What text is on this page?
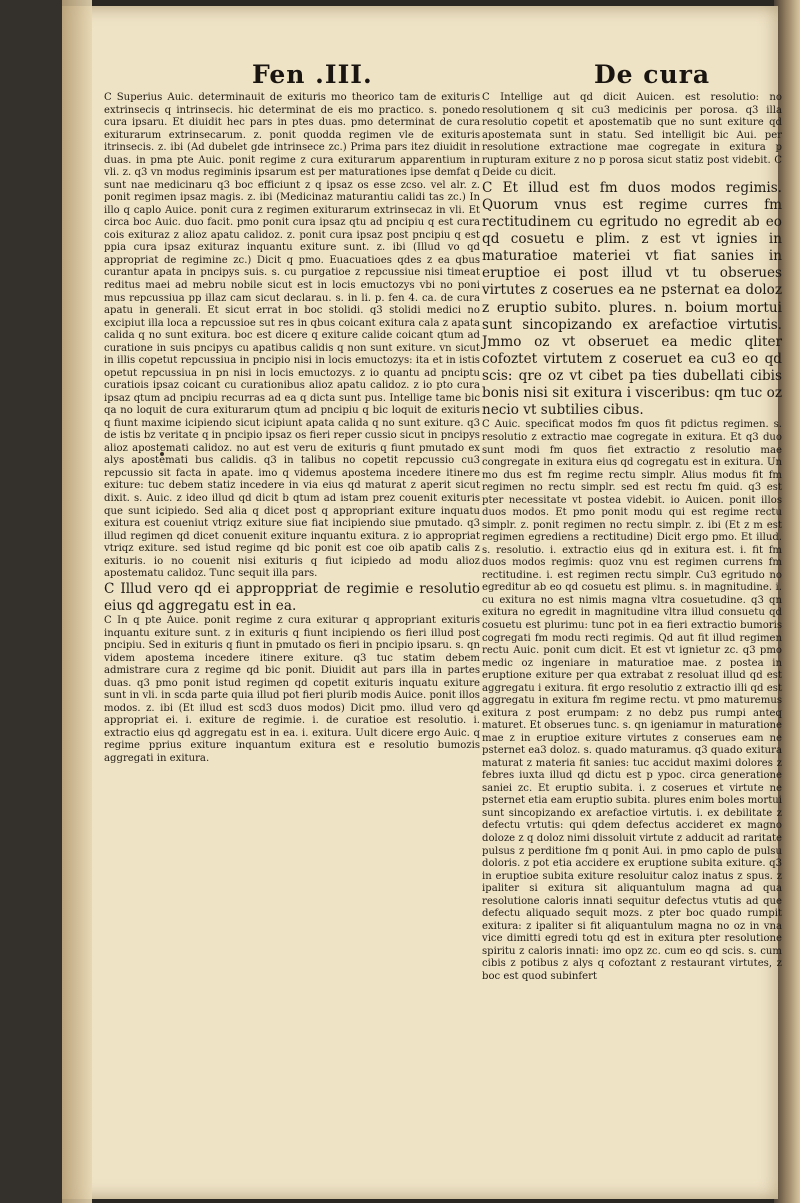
Fen .III.	De cura

C Superius Auic. determinauit de exituris mo theorico tam de exituris extrinsecis q intrinsecis. hic determinat de eis mo practico. s. ponedo cura ipsaru. Et diuidit hec pars in ptes duas. pmo determinat de cura exiturarum extrinsecarum. z. ponit quodda regimen vle de exituris itrinsecis. z. ibi (Ad dubelet gde intrinsece zc.) Prima pars itez diuidit in duas. in pma pte Auic. ponit regime z cura exiturarum apparentium in vli. z. q3 vn modus regiminis ipsarum est per maturationes ipse demfat q sunt nae medicinaru q3 boc efficiunt z q ipsaz os esse zcso. vel alr. z. ponit regimen ipsaz magis. z. ibi (Medicinaz maturantiu calidi tas zc.) In illo q caplo Auice. ponit cura z regimen exiturarum extrinsecaz in vli. Et circa boc Auic. duo facit. pmo ponit cura ipsaz qtu ad pncipiu q est cura cois exituraz z alioz apatu calidoz. z. ponit cura ipsaz post pncipiu q est ppia cura ipsaz exituraz inquantu exiture sunt. z. ibi (Illud vo qd appropriat de regimine zc.) Dicit q pmo. Euacuatioes qdes z ea qbus curantur apata in pncipys suis. s. cu purgatioe z repcussiue nisi timeat reditus maei ad mebru nobile sicut est in locis emuctozys vbi no poni mus repcussiua pp illaz cam sicut declarau. s. in li. p. fen 4. ca. de cura apatu in generali. Et sicut errat in boc stolidi. q3 stolidi medici no excipiut illa loca a repcussioe sut res in qbus coicant exitura cala z apata calida q no sunt exitura. boc est dicere q exiture calide coicant qtum ad curatione in suis pncipys cu apatibus calidis q non sunt exiture. vn sicut in illis copetut repcussiua in pncipio nisi in locis emuctozys: ita et in istis opetut repcussiua in pn nisi in locis emuctozys. z io quantu ad pnciptu curatiois ipsaz coicant cu curationibus alioz apatu calidoz. z io pto cura ipsaz qtum ad pncipiu recurras ad ea q dicta sunt pus. Intellige tame bic qa no loquit de cura exiturarum qtum ad pncipiu q bic loquit de exituris q fiunt maxime icipiendo sicut icipiunt apata calida q no sunt exiture. q3 de istis bz veritate q in pncipio ipsaz os fieri reper cussio sicut in pncipys alioz apostemati calidoz. no aut est veru de exituris q fiunt pmutado ex alys apostemati bus calidis. q3 in talibus no copetit repcussio cu3 repcussio sit facta in apate. imo q videmus apostema incedere itinere exiture: tuc debem statiz incedere in via eius qd maturat z aperit sicut dixit. s. Auic. z ideo illud qd dicit b qtum ad istam prez couenit exituris que sunt icipiedo. Sed alia q dicet post q appropriant exiture inquatu exitura est coueniut vtriqz exiture siue fiat incipiendo siue pmutado. q3 illud regimen qd dicet conuenit exiture inquantu exitura. z io appropriat vtriqz exiture. sed istud regime qd bic ponit est coe oib apatib calis z exituris. io no couenit nisi exituris q fiut icipiedo ad modu alioz apostematu calidoz. Tunc sequit illa pars.

C Illud vero qd ei approppriat de regimie e resolutio eius qd aggregatu est in ea.

C In q pte Auice. ponit regime z cura exiturar q appropriant exituris inquantu exiture sunt. z in exituris q fiunt incipiendo os fieri illud post pncipiu. Sed in exituris q fiunt in pmutado os fieri in pncipio ipsaru. s. qn videm apostema incedere itinere exiture. q3 tuc statim debem admistrare cura z regime qd bic ponit. Diuidit aut pars illa in partes duas. q3 pmo ponit istud regimen qd copetit exituris inquatu exiture sunt in vli. in scda parte quia illud pot fieri plurib modis Auice. ponit illos modos. z. ibi (Et illud est scd3 duos modos) Dicit pmo. illud vero qd appropriat ei. i. exiture de regimie. i. de curatioe est resolutio. i. extractio eius qd aggregatu est in ea. i. exitura. Uult dicere ergo Auic. q regime pprius exiture inquantum exitura est e resolutio bumozis aggregati in exitura.

C Intellige aut qd dicit Auicen. est resolutio: no resolutionem q sit cu3 medicinis per porosa. q3 illa resolutio copetit et apostematib que no sunt exiture qd apostemata sunt in statu. Sed intelligit bic Aui. per resolutione extractione mae cogregate in exitura p rupturam exiture z no p porosa sicut statiz post videbit. C Deide cu dicit.

C Et illud est fm duos modos regimis. Quorum vnus est regime curres fm rectitudinem cu egritudo no egredit ab eo qd cosuetu e plim. z est vt ignies in maturatioe materiei vt fiat sanies in eruptioe ei post illud vt tu obserues virtutes z coserues ea ne psternat ea doloz z eruptio subito. plures. n. boium mortui sunt sincopizando ex arefactioe virtutis. Jmmo oz vt obseruet ea medic qliter cofoztet virtutem z coseruet ea cu3 eo qd scis: qre oz vt cibet pa ties dubellati cibis bonis nisi sit exitura i visceribus: qm tuc oz necio vt subtilies cibus.

C Auic. specificat modos fm quos fit pdictus regimen. s. resolutio z extractio mae cogregate in exitura. Et q3 duo sunt modi fm quos fiet extractio z resolutio mae congregate in exitura eius qd cogregatu est in exitura. Un mo dus est fm regime rectu simplr. Alius modus fit fm regimen no rectu simplr. sed est rectu fm quid. q3 est pter necessitate vt postea videbit. io Auicen. ponit illos duos modos. Et pmo ponit modu qui est regime rectu simplr. z. ponit regimen no rectu simplr. z. ibi (Et z m est regimen egrediens a rectitudine) Dicit ergo pmo. Et illud. s. resolutio. i. extractio eius qd in exitura est. i. fit fm duos modos regimis: quoz vnu est regimen currens fm rectitudine. i. est regimen rectu simplr. Cu3 egritudo no egreditur ab eo qd cosuetu est plimu. s. in magnitudine. i. cu exitura no est nimis magna vltra cosuetudine. q3 qn exitura no egredit in magnitudine vltra illud consuetu qd cosuetu est plurimu: tunc pot in ea fieri extractio bumoris cogregati fm modu recti regimis. Qd aut fit illud regimen rectu Auic. ponit cum dicit. Et est vt ignietur zc. q3 pmo medic oz ingeniare in maturatioe mae. z postea in eruptione exiture per qua extrabat z resoluat illud qd est aggregatu i exitura. fit ergo resolutio z extractio illi qd est aggregatu in exitura fm regime rectu. vt pmo maturemus exitura z post erumpam: z no debz pus rumpi anteq maturet. Et obserues tunc. s. qn igeniamur in maturatione mae z in eruptioe exiture virtutes z conserues eam ne psternet ea3 doloz. s. quado maturamus. q3 quado exitura maturat z materia fit sanies: tuc accidut maximi dolores z febres iuxta illud qd dictu est p ypoc. circa generatione saniei zc. Et eruptio subita. i. z coserues et virtute ne psternet etia eam eruptio subita. plures enim boles mortui sunt sincopizando ex arefactioe virtutis. i. ex debilitate z defectu vrtutis: qui qdem defectus accideret ex magno doloze z q doloz nimi dissoluit virtute z adducit ad raritate pulsus z perditione fm q ponit Aui. in pmo caplo de pulsu doloris. z pot etia accidere ex eruptione subita exiture. q3 in eruptioe subita exiture resoluitur caloz inatus z spus. z ipaliter si exitura sit aliquantulum magna ad qua resolutione caloris innati sequitur defectus vtutis ad que defectu aliquado sequit mozs. z pter boc quado rumpit exitura: z ipaliter si fit aliquantulum magna no oz in vna vice dimitti egredi totu qd est in exitura pter resolutione spiritu z caloris innati: imo opz zc. cum eo qd scis. s. cum cibis z potibus z alys q cofoztant z restaurant virtutes, z boc est quod subinfert
